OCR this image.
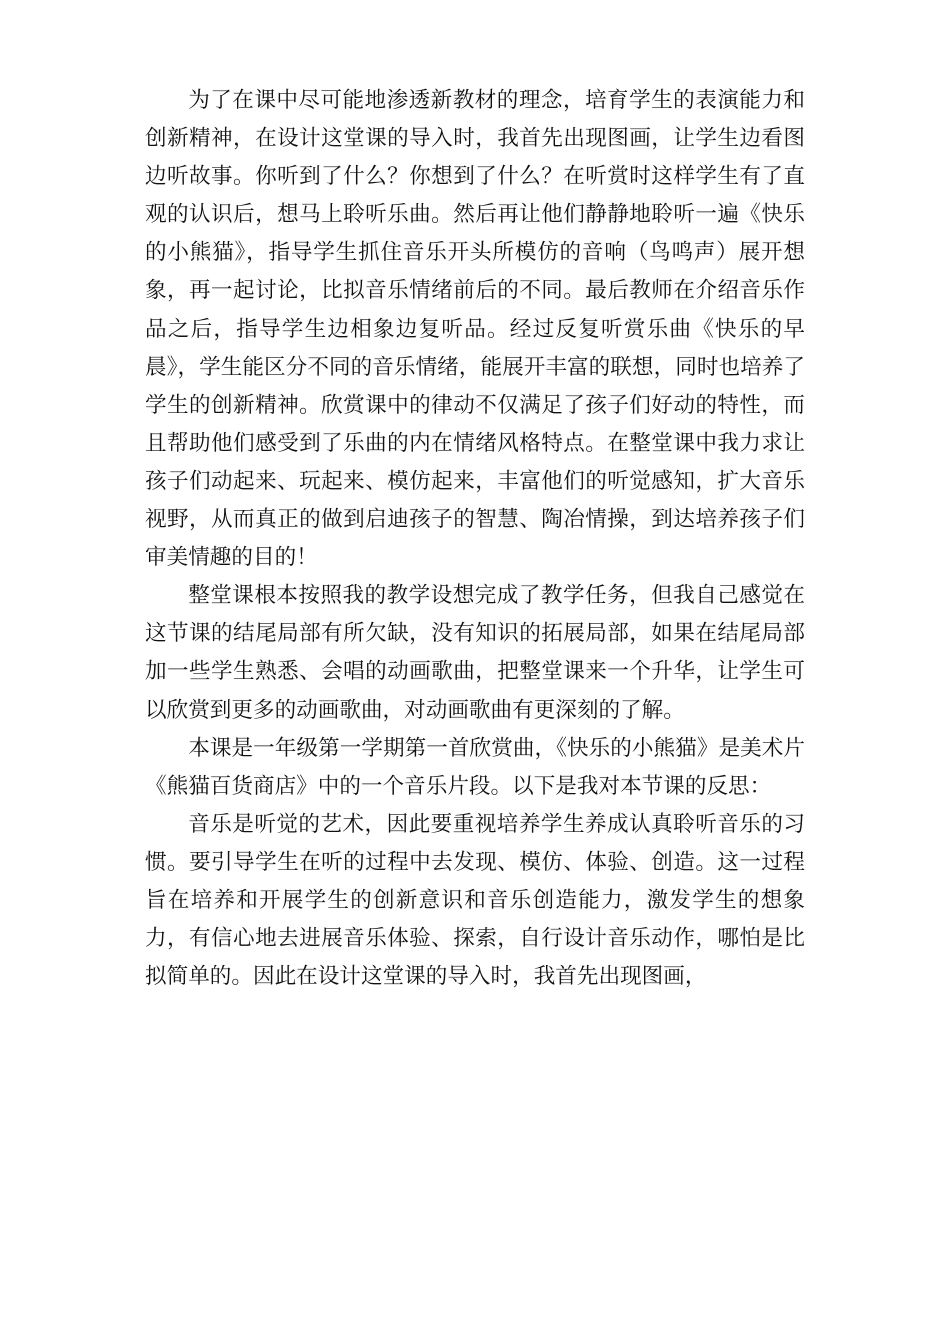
为了在课中尽可能地渗透新教材的理念，培育学生的表演能力和创新精神，在设计这堂课的导入时，我首先出现图画，让学生边看图边听故事。你听到了什么？你想到了什么？在听赏时这样学生有了直观的认识后，想马上聆听乐曲。然后再让他们静静地聆听一遍《快乐的小熊猫》，指导学生抓住音乐开头所模仿的音响（鸟鸣声）展开想象，再一起讨论，比拟音乐情绪前后的不同。最后教师在介绍音乐作品之后，指导学生边相象边复听品。经过反复听赏乐曲《快乐的早晨》，学生能区分不同的音乐情绪，能展开丰富的联想，同时也培养了学生的创新精神。欣赏课中的律动不仅满足了孩子们好动的特性，而且帮助他们感受到了乐曲的内在情绪风格特点。在整堂课中我力求让孩子们动起来、玩起来、模仿起来，丰富他们的听觉感知，扩大音乐视野，从而真正的做到启迪孩子的智慧、陶冶情操，到达培养孩子们审美情趣的目的！

整堂课根本按照我的教学设想完成了教学任务，但我自己感觉在这节课的结尾局部有所欠缺，没有知识的拓展局部，如果在结尾局部加一些学生熟悉、会唱的动画歌曲，把整堂课来一个升华，让学生可以欣赏到更多的动画歌曲，对动画歌曲有更深刻的了解。

本课是一年级第一学期第一首欣赏曲，《快乐的小熊猫》是美术片《熊猫百货商店》中的一个音乐片段。以下是我对本节课的反思：

音乐是听觉的艺术，因此要重视培养学生养成认真聆听音乐的习惯。要引导学生在听的过程中去发现、模仿、体验、创造。这一过程旨在培养和开展学生的创新意识和音乐创造能力，激发学生的想象力，有信心地去进展音乐体验、探索，自行设计音乐动作，哪怕是比拟简单的。因此在设计这堂课的导入时，我首先出现图画，
